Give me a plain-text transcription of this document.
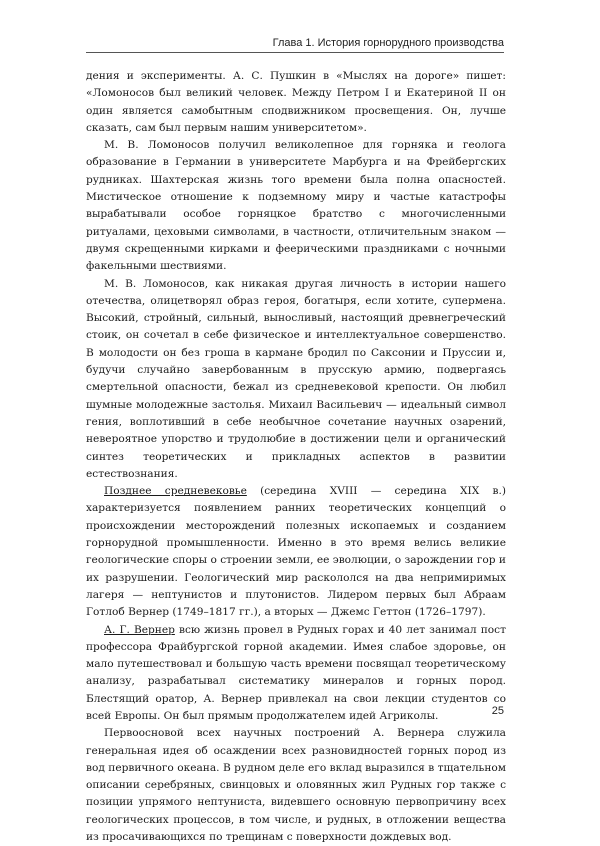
Глава 1. История горнорудного производства

дения и эксперименты. А. С. Пушкин в «Мыслях на дороге» пишет: «Ломоносов был великий человек. Между Петром I и Екатериной II он один является самобытным сподвижником просвещения. Он, лучше сказать, сам был первым нашим университетом».

М. В. Ломоносов получил великолепное для горняка и геолога образование в Германии в университете Марбурга и на Фрейбергских рудниках. Шахтерская жизнь того времени была полна опасностей. Мистическое отношение к подземному миру и частые катастрофы вырабатывали особое горняцкое братство с многочисленными ритуалами, цеховыми символами, в частности, отличительным знаком — двумя скрещенными кирками и феерическими праздниками с ночными факельными шествиями.

М. В. Ломоносов, как никакая другая личность в истории нашего отечества, олицетворял образ героя, богатыря, если хотите, супермена. Высокий, стройный, сильный, выносливый, настоящий древнегреческий стоик, он сочетал в себе физическое и интеллектуальное совершенство. В молодости он без гроша в кармане бродил по Саксонии и Пруссии и, будучи случайно завербованным в прусскую армию, подвергаясь смертельной опасности, бежал из средневековой крепости. Он любил шумные молодежные застолья. Михаил Васильевич — идеальный символ гения, воплотивший в себе необычное сочетание научных озарений, невероятное упорство и трудолюбие в достижении цели и органический синтез теоретических и прикладных аспектов в развитии естествознания.

Позднее средневековье (середина XVIII — середина XIX в.) характеризуется появлением ранних теоретических концепций о происхождении месторождений полезных ископаемых и созданием горнорудной промышленности. Именно в это время велись великие геологические споры о строении земли, ее эволюции, о зарождении гор и их разрушении. Геологический мир раскололся на два непримиримых лагеря — нептунистов и плутонистов. Лидером первых был Абраам Готлоб Вернер (1749–1817 гг.), а вторых — Джемс Геттон (1726–1797).

А. Г. Вернер всю жизнь провел в Рудных горах и 40 лет занимал пост профессора Фрайбургской горной академии. Имея слабое здоровье, он мало путешествовал и большую часть времени посвящал теоретическому анализу, разрабатывал систематику минералов и горных пород. Блестящий оратор, А. Вернер привлекал на свои лекции студентов со всей Европы. Он был прямым продолжателем идей Агриколы.

Первоосновой всех научных построений А. Вернера служила генеральная идея об осаждении всех разновидностей горных пород из вод первичного океана. В рудном деле его вклад выразился в тщательном описании серебряных, свинцовых и оловянных жил Рудных гор также с позиции упрямого нептуниста, видевшего основную первопричину всех геологических процессов, в том числе, и рудных, в отложении вещества из просачивающихся по трещинам с поверхности дождевых вод.

25
